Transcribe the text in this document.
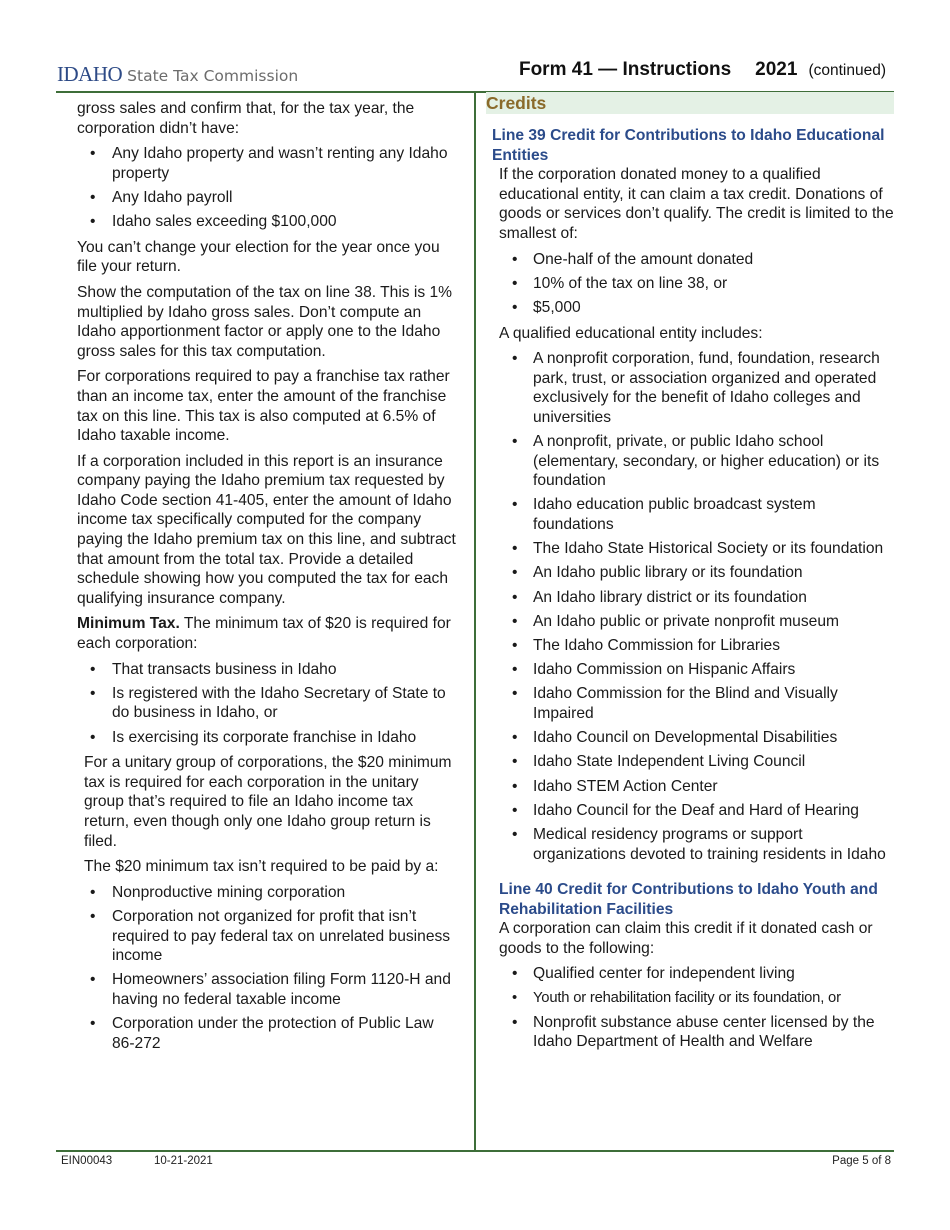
IDAHO State Tax Commission	Form 41 — Instructions 2021 (continued)

gross sales and confirm that, for the tax year, the corporation didn’t have:

• Any Idaho property and wasn’t renting any Idaho property
• Any Idaho payroll
• Idaho sales exceeding $100,000

You can’t change your election for the year once you file your return.

Show the computation of the tax on line 38. This is 1% multiplied by Idaho gross sales. Don’t compute an Idaho apportionment factor or apply one to the Idaho gross sales for this tax computation.

For corporations required to pay a franchise tax rather than an income tax, enter the amount of the franchise tax on this line. This tax is also computed at 6.5% of Idaho taxable income.

If a corporation included in this report is an insurance company paying the Idaho premium tax requested by Idaho Code section 41-405, enter the amount of Idaho income tax specifically computed for the company paying the Idaho premium tax on this line, and subtract that amount from the total tax. Provide a detailed schedule showing how you computed the tax for each qualifying insurance company.

Minimum Tax. The minimum tax of $20 is required for each corporation:

• That transacts business in Idaho
• Is registered with the Idaho Secretary of State to do business in Idaho, or
• Is exercising its corporate franchise in Idaho

For a unitary group of corporations, the $20 minimum tax is required for each corporation in the unitary group that’s required to file an Idaho income tax return, even though only one Idaho group return is filed.

The $20 minimum tax isn’t required to be paid by a:

• Nonproductive mining corporation
• Corporation not organized for profit that isn’t required to pay federal tax on unrelated business income
• Homeowners’ association filing Form 1120-H and having no federal taxable income
• Corporation under the protection of Public Law 86-272
Credits
Line 39 Credit for Contributions to Idaho Educational Entities

If the corporation donated money to a qualified educational entity, it can claim a tax credit. Donations of goods or services don’t qualify. The credit is limited to the smallest of:

• One-half of the amount donated
• 10% of the tax on line 38, or
• $5,000

A qualified educational entity includes:

• A nonprofit corporation, fund, foundation, research park, trust, or association organized and operated exclusively for the benefit of Idaho colleges and universities
• A nonprofit, private, or public Idaho school (elementary, secondary, or higher education) or its foundation
• Idaho education public broadcast system foundations
• The Idaho State Historical Society or its foundation
• An Idaho public library or its foundation
• An Idaho library district or its foundation
• An Idaho public or private nonprofit museum
• The Idaho Commission for Libraries
• Idaho Commission on Hispanic Affairs
• Idaho Commission for the Blind and Visually Impaired
• Idaho Council on Developmental Disabilities
• Idaho State Independent Living Council
• Idaho STEM Action Center
• Idaho Council for the Deaf and Hard of Hearing
• Medical residency programs or support organizations devoted to training residents in Idaho
Line 40 Credit for Contributions to Idaho Youth and Rehabilitation Facilities

A corporation can claim this credit if it donated cash or goods to the following:

• Qualified center for independent living
• Youth or rehabilitation facility or its foundation, or
• Nonprofit substance abuse center licensed by the Idaho Department of Health and Welfare
EIN00043	10-21-2021	Page 5 of 8
